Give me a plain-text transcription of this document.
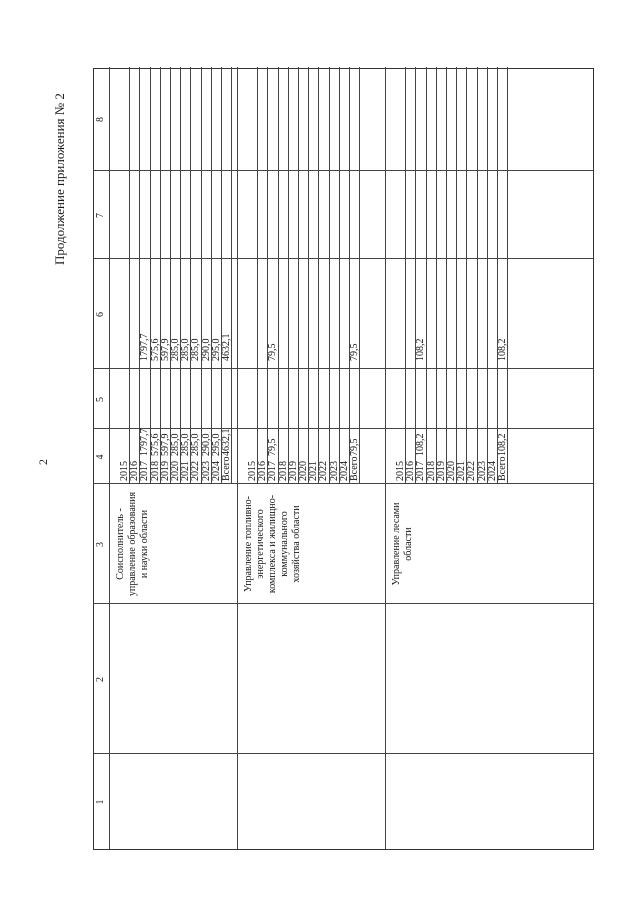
2
Продолжение приложения № 2
1
2
3
4
5
6
7
8
Соисполнитель -
управление образования
и науки области
2015 2016 2017
1797,7
1797,7
2018
575,6
575,6
2019
597,9
597,9
2020
285,0
285,0
2021
285,0
285,0
2022
285,0
285,0
2023
290,0
290,0
2024
295,0
295,0
Всего
4632,1
4632,1
Управление топливно-
энергетического
комплекса и жилищно-
коммунального
хозяйства области
2015 2016 2017
79,5
79,5
2018 2019 2020 2021 2022 2023 2024 Всего
79,5
79,5
Управление лесами
области
2015 2016 2017
108,2
108,2
2018 2019 2020 2021 2022 2023 2024 Всего
108,2
108,2
